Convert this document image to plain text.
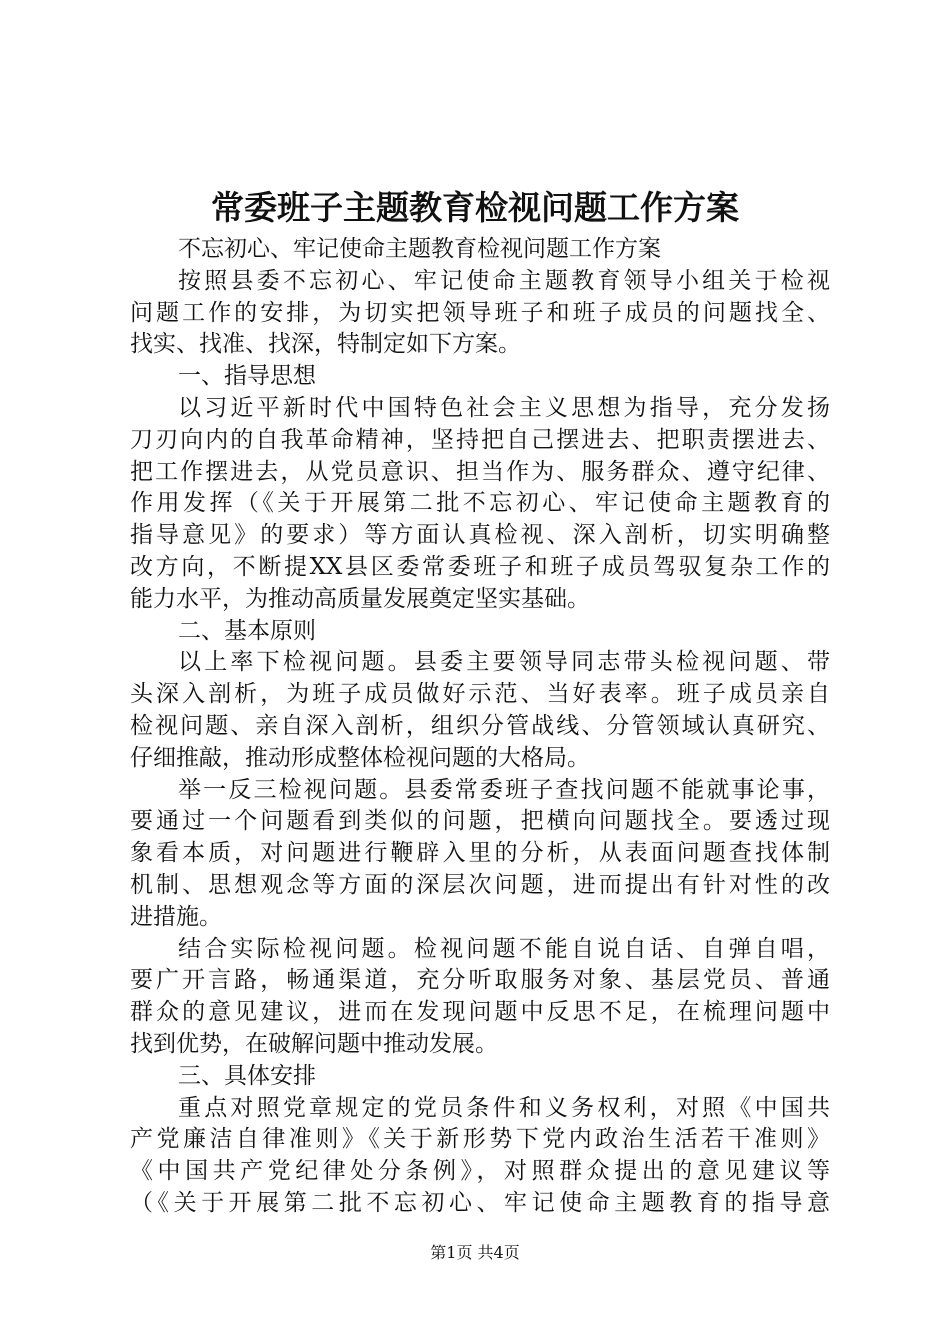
常委班子主题教育检视问题工作方案
不忘初心、牢记使命主题教育检视问题工作方案
按照县委不忘初心、牢记使命主题教育领导小组关于检视
问题工作的安排，为切实把领导班子和班子成员的问题找全、
找实、找准、找深，特制定如下方案。
一、指导思想
以习近平新时代中国特色社会主义思想为指导，充分发扬
刀刃向内的自我革命精神，坚持把自己摆进去、把职责摆进去、
把工作摆进去，从党员意识、担当作为、服务群众、遵守纪律、
作用发挥（《关于开展第二批不忘初心、牢记使命主题教育的
指导意见》的要求）等方面认真检视、深入剖析，切实明确整
改方向，不断提XX县区委常委班子和班子成员驾驭复杂工作的
能力水平，为推动高质量发展奠定坚实基础。
二、基本原则
以上率下检视问题。县委主要领导同志带头检视问题、带
头深入剖析，为班子成员做好示范、当好表率。班子成员亲自
检视问题、亲自深入剖析，组织分管战线、分管领域认真研究、
仔细推敲，推动形成整体检视问题的大格局。
举一反三检视问题。县委常委班子查找问题不能就事论事，
要通过一个问题看到类似的问题，把横向问题找全。要透过现
象看本质，对问题进行鞭辟入里的分析，从表面问题查找体制
机制、思想观念等方面的深层次问题，进而提出有针对性的改
进措施。
结合实际检视问题。检视问题不能自说自话、自弹自唱，
要广开言路，畅通渠道，充分听取服务对象、基层党员、普通
群众的意见建议，进而在发现问题中反思不足，在梳理问题中
找到优势，在破解问题中推动发展。
三、具体安排
重点对照党章规定的党员条件和义务权利，对照《中国共
产党廉洁自律准则》《关于新形势下党内政治生活若干准则》
《中国共产党纪律处分条例》，对照群众提出的意见建议等
（《关于开展第二批不忘初心、牢记使命主题教育的指导意
第1页 共4页
